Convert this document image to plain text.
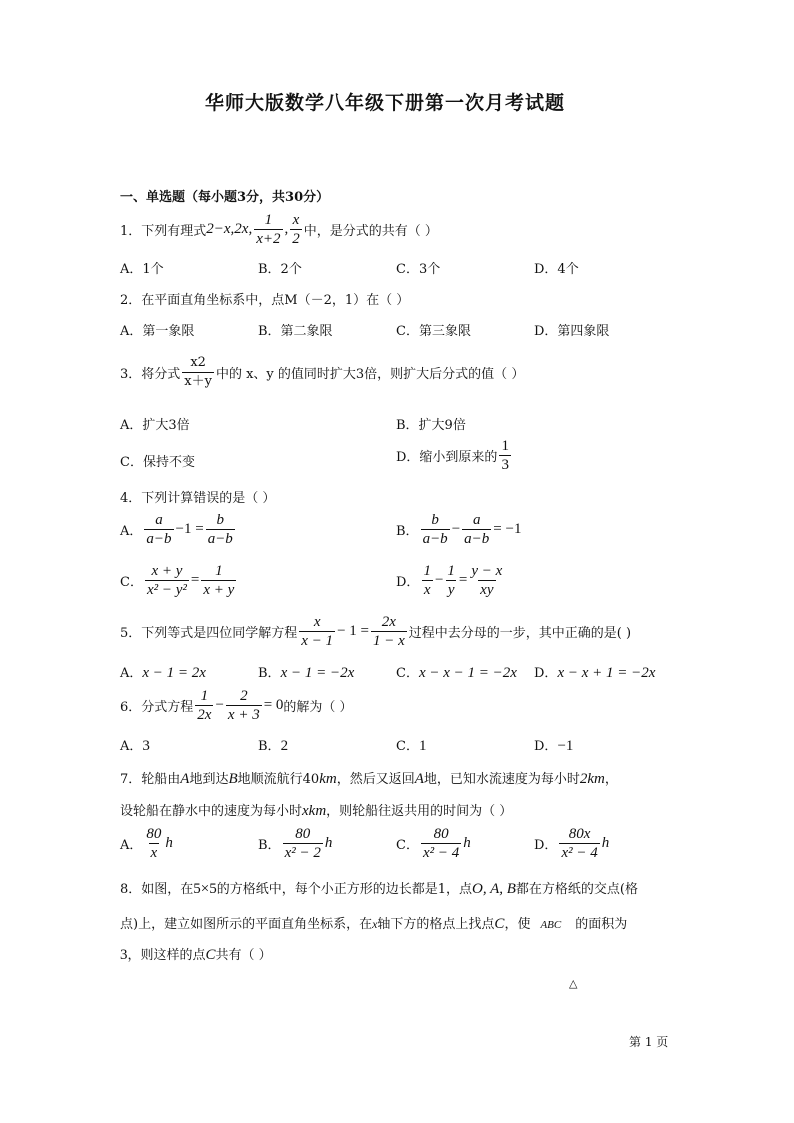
华师大版数学八年级下册第一次月考试题
一、单选题（每小题3分，共30分）
1．下列有理式 2−x,2x, $\frac{1}{x+2}$ , $\frac{x}{2}$ 中，是分式的共有（ ）
A．1个	B．2个	C．3个	D．4个
2．在平面直角坐标系中，点M（－2，1）在（ ）
A．第一象限	B．第二象限	C．第三象限	D．第四象限
3．将分式 $\frac{x2}{x+y}$ 中的 x、y 的值同时扩大3倍，则扩大后分式的值（ ）
A．扩大3倍	B．扩大9倍
C．保持不变	D．缩小到原来的 $\frac{1}{3}$
4．下列计算错误的是（ ）
A． $\frac{a}{a-b} -1 = \frac{b}{a-b}$	B． $\frac{b}{a-b} - \frac{a}{a-b} = -1$
C． $\frac{x + y}{\text{x² − y²}} = \frac{1}{x + y}$	D． $\frac{1}{x} - \frac{1}{y} = \frac{y - x}{xy}$
5．下列等式是四位同学解方程 $\frac{x}{x - 1} - 1 = \frac{2x}{1 - x}$ 过程中去分母的一步，其中正确的是( )
A．x − 1 = 2x	B．x − 1 = −2x	C．x − x − 1 = −2x D．x − x + 1 = −2x
6．分式方程 $\frac{1}{2x} - \frac{2}{x + 3} = 0$ 的解为（ ）
A．3	B．2	C．1	D．−1
7．轮船由A地到达B地顺流航行40km，然后又返回A地，已知水流速度为每小时2km，
设轮船在静水中的速度为每小时xkm，则轮船往返共用的时间为（ ）
A． $\frac{80}{x}$ h	B． $\frac{80}{\text{x² − 2}}$ h	C． $\frac{80}{\text{x² − 4}}$ h	D． $\frac{80x}{\text{x² − 4}}$ h
8．如图，在5×5的方格纸中，每个小正方形的边长都是1，点O, A, B都在方格纸的交点(格
点)上，建立如图所示的平面直角坐标系，在x轴下方的格点上找点C，使 ABC 的面积为
3，则这样的点C共有（ ）
△
第 1 页
